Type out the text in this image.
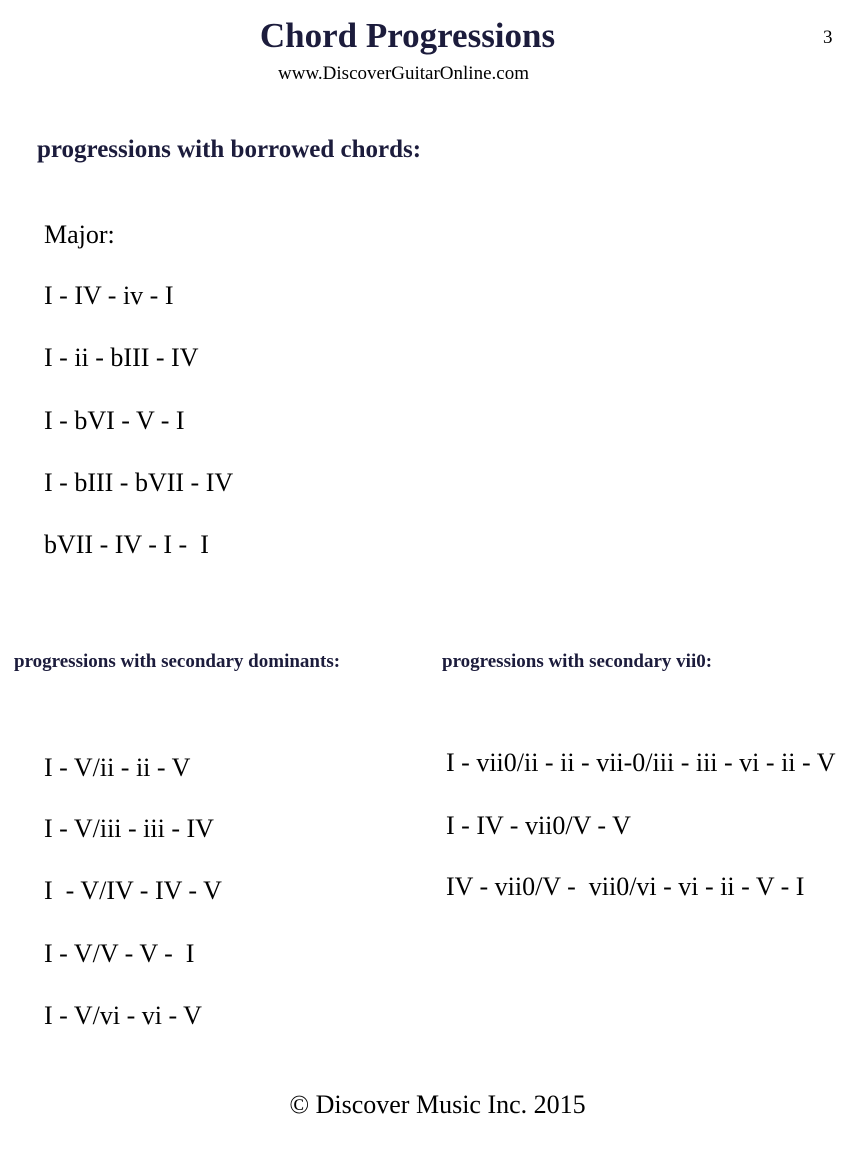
Chord Progressions	3
www.DiscoverGuitarOnline.com
progressions with borrowed chords:
Major:
I - IV - iv - I
I - ii - bIII - IV
I - bVI - V - I
I - bIII - bVII - IV
bVII - IV - I -  I
progressions with secondary dominants:	progressions with secondary vii0:
I - V/ii - ii - V
I - V/iii - iii - IV
I  - V/IV - IV - V
I - V/V - V -  I
I - V/vi - vi - V
I - vii0/ii - ii - vii-0/iii - iii - vi - ii - V
I - IV - vii0/V - V
IV - vii0/V -  vii0/vi - vi - ii - V - I
© Discover Music Inc. 2015
